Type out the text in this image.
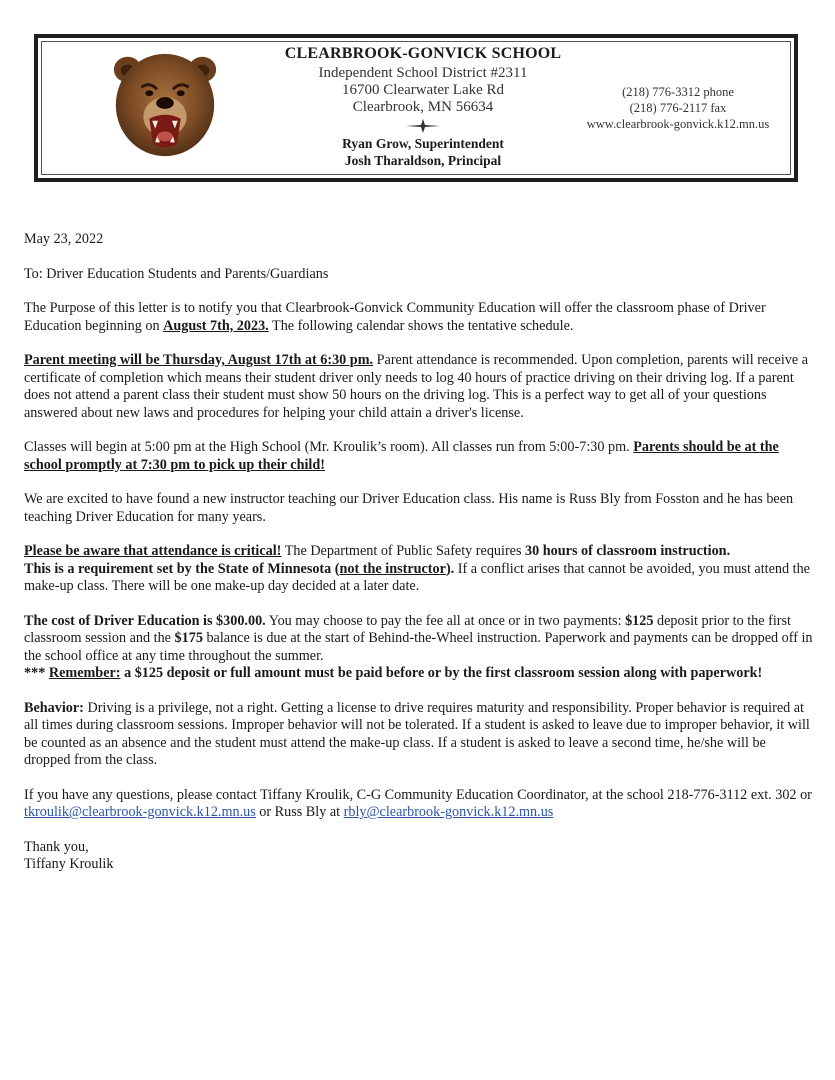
CLEARBROOK-GONVICK SCHOOL
Independent School District #2311
16700 Clearwater Lake Rd
Clearbrook, MN 56634
Ryan Grow, Superintendent
Josh Tharaldson, Principal
(218) 776-3312 phone
(218) 776-2117 fax
www.clearbrook-gonvick.k12.mn.us

May 23, 2022

To: Driver Education Students and Parents/Guardians

The Purpose of this letter is to notify you that Clearbrook-Gonvick Community Education will offer the classroom phase of Driver Education beginning on August 7th, 2023. The following calendar shows the tentative schedule.

Parent meeting will be Thursday, August 17th at 6:30 pm. Parent attendance is recommended. Upon completion, parents will receive a certificate of completion which means their student driver only needs to log 40 hours of practice driving on their driving log. If a parent does not attend a parent class their student must show 50 hours on the driving log. This is a perfect way to get all of your questions answered about new laws and procedures for helping your child attain a driver's license.

Classes will begin at 5:00 pm at the High School (Mr. Kroulik’s room). All classes run from 5:00-7:30 pm. Parents should be at the school promptly at 7:30 pm to pick up their child!

We are excited to have found a new instructor teaching our Driver Education class. His name is Russ Bly from Fosston and he has been teaching Driver Education for many years.

Please be aware that attendance is critical! The Department of Public Safety requires 30 hours of classroom instruction.
This is a requirement set by the State of Minnesota (not the instructor). If a conflict arises that cannot be avoided, you must attend the make-up class. There will be one make-up day decided at a later date.

The cost of Driver Education is $300.00. You may choose to pay the fee all at once or in two payments: $125 deposit prior to the first classroom session and the $175 balance is due at the start of Behind-the-Wheel instruction. Paperwork and payments can be dropped off in the school office at any time throughout the summer.
*** Remember: a $125 deposit or full amount must be paid before or by the first classroom session along with paperwork!

Behavior: Driving is a privilege, not a right. Getting a license to drive requires maturity and responsibility. Proper behavior is required at all times during classroom sessions. Improper behavior will not be tolerated. If a student is asked to leave due to improper behavior, it will be counted as an absence and the student must attend the make-up class. If a student is asked to leave a second time, he/she will be dropped from the class.

If you have any questions, please contact Tiffany Kroulik, C-G Community Education Coordinator, at the school 218-776-3112 ext. 302 or tkroulik@clearbrook-gonvick.k12.mn.us or Russ Bly at rbly@clearbrook-gonvick.k12.mn.us

Thank you,

Tiffany Kroulik
